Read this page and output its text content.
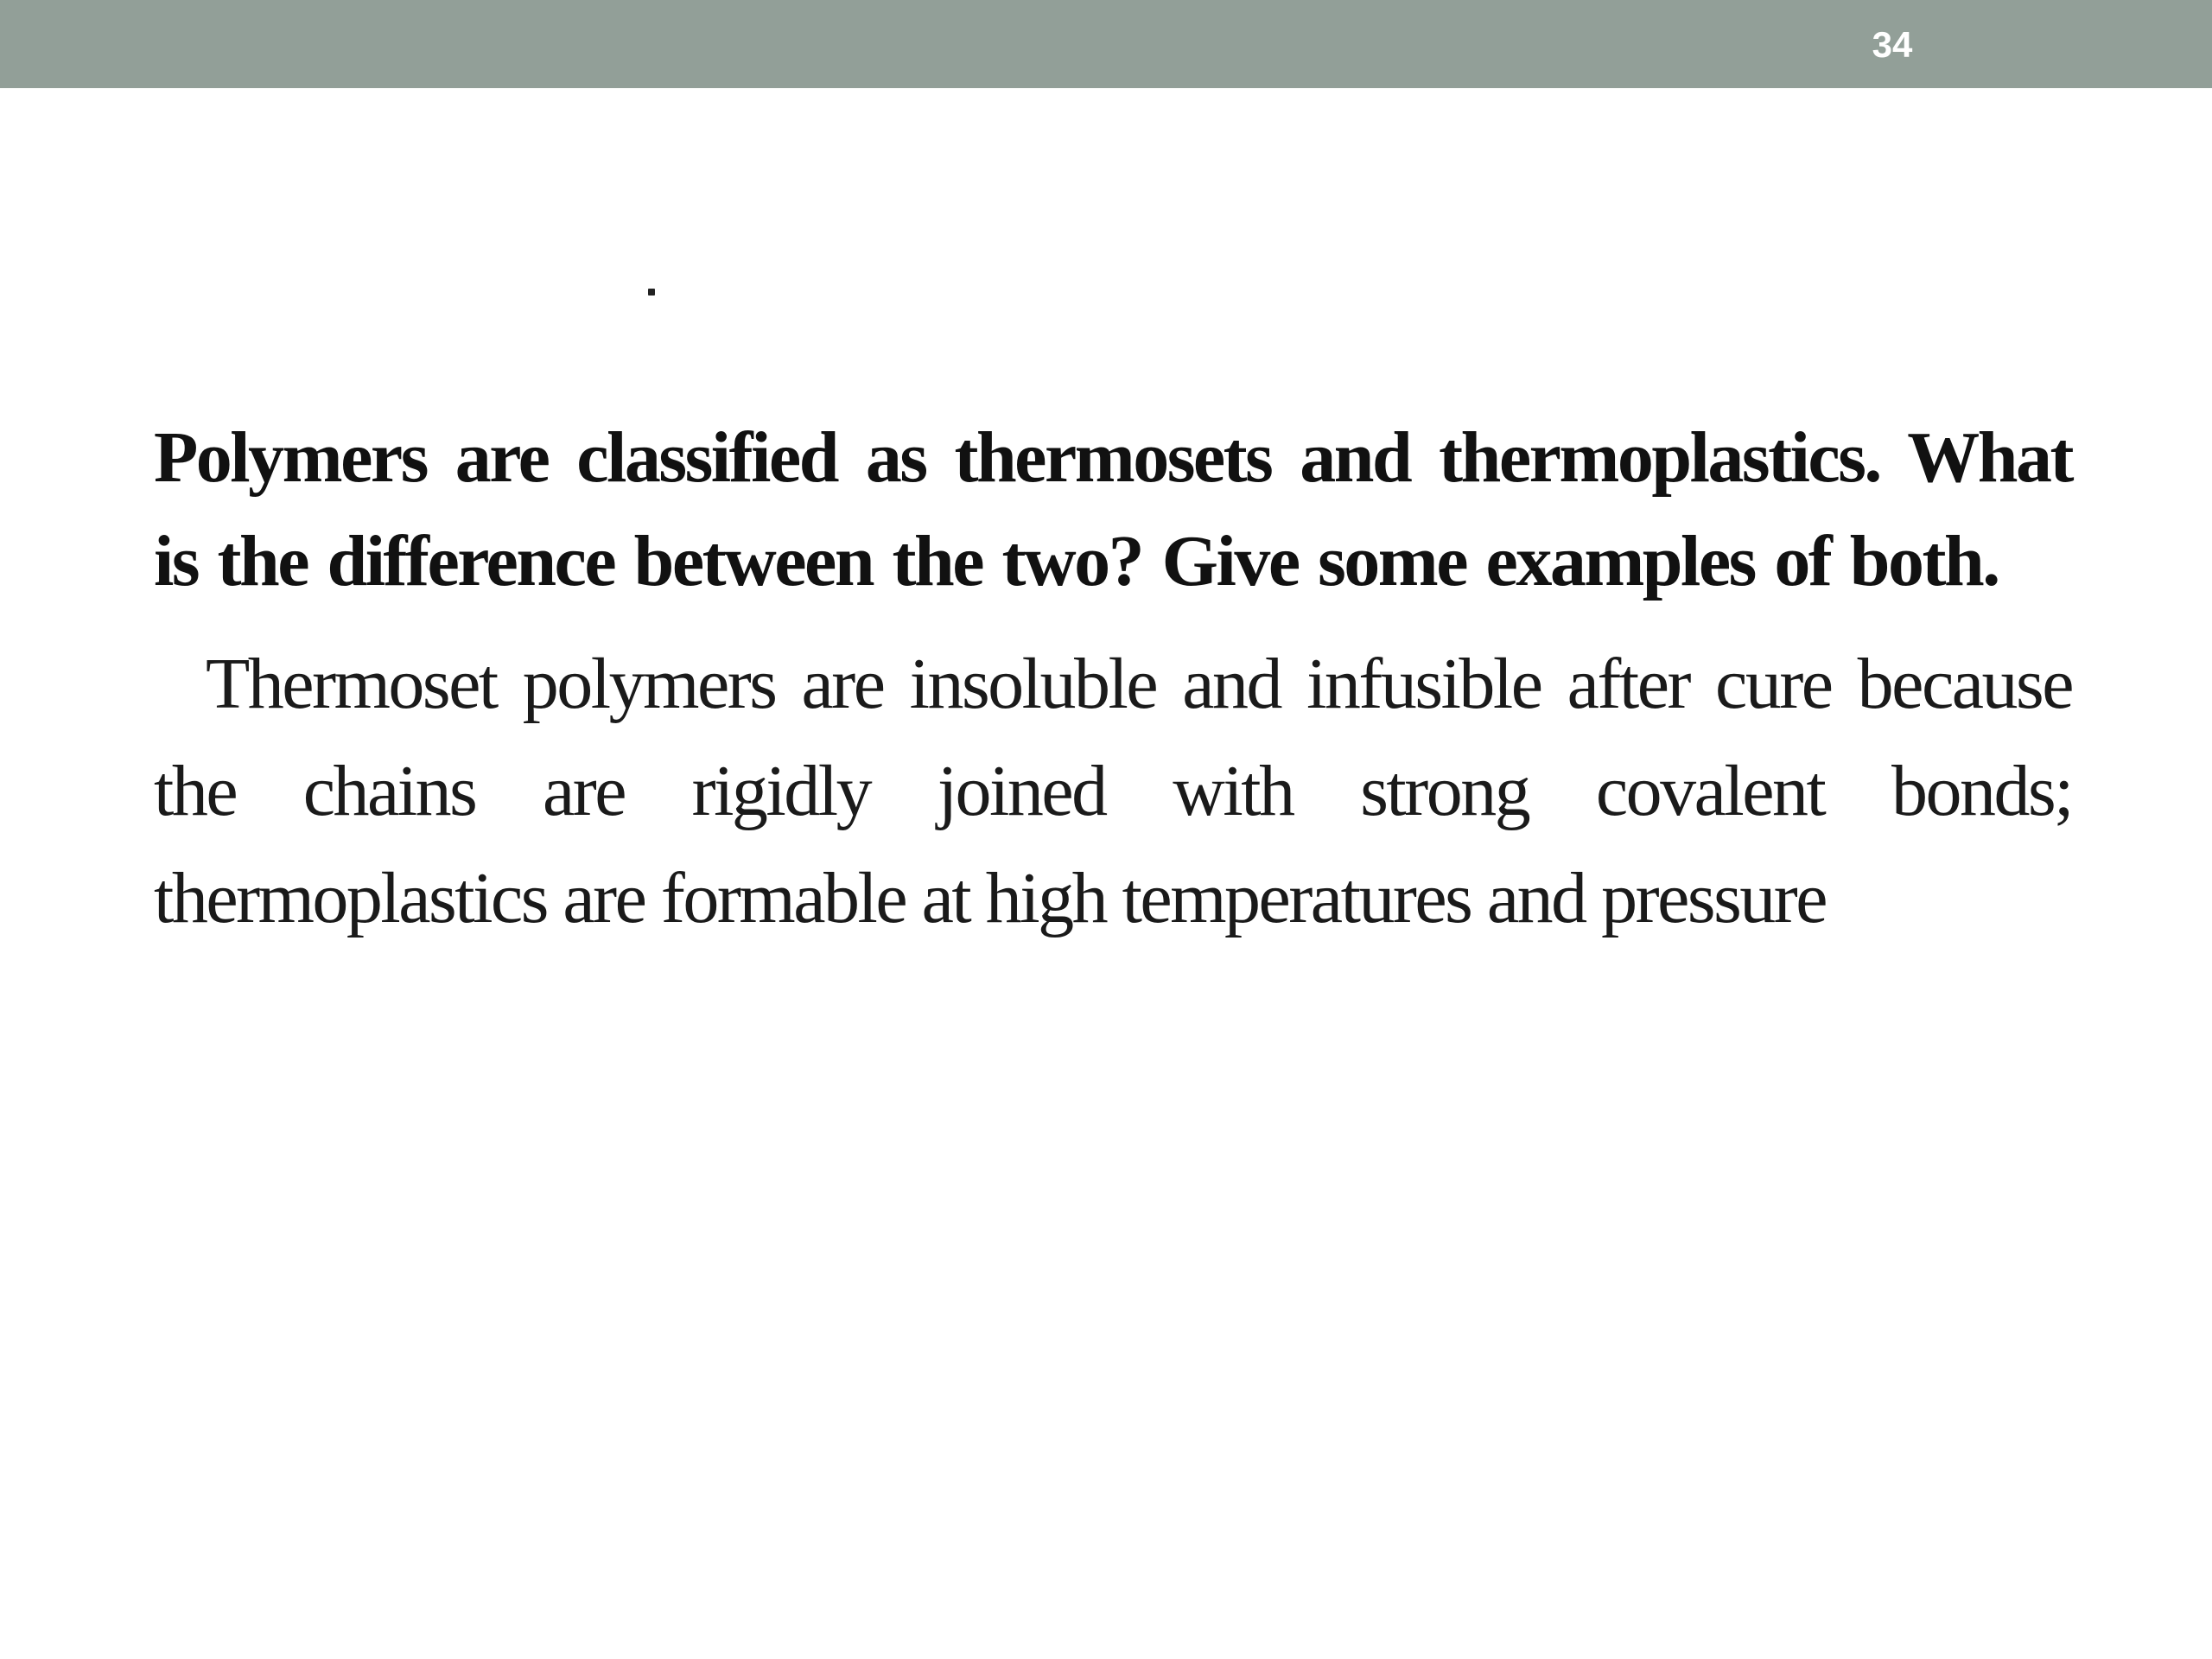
34

Polymers are classified as thermosets and thermoplastics. What is the difference between the two? Give some examples of both.

Thermoset polymers are insoluble and infusible after cure because the chains are rigidly joined with strong covalent bonds; thermoplastics are formable at high temperatures and pressure
